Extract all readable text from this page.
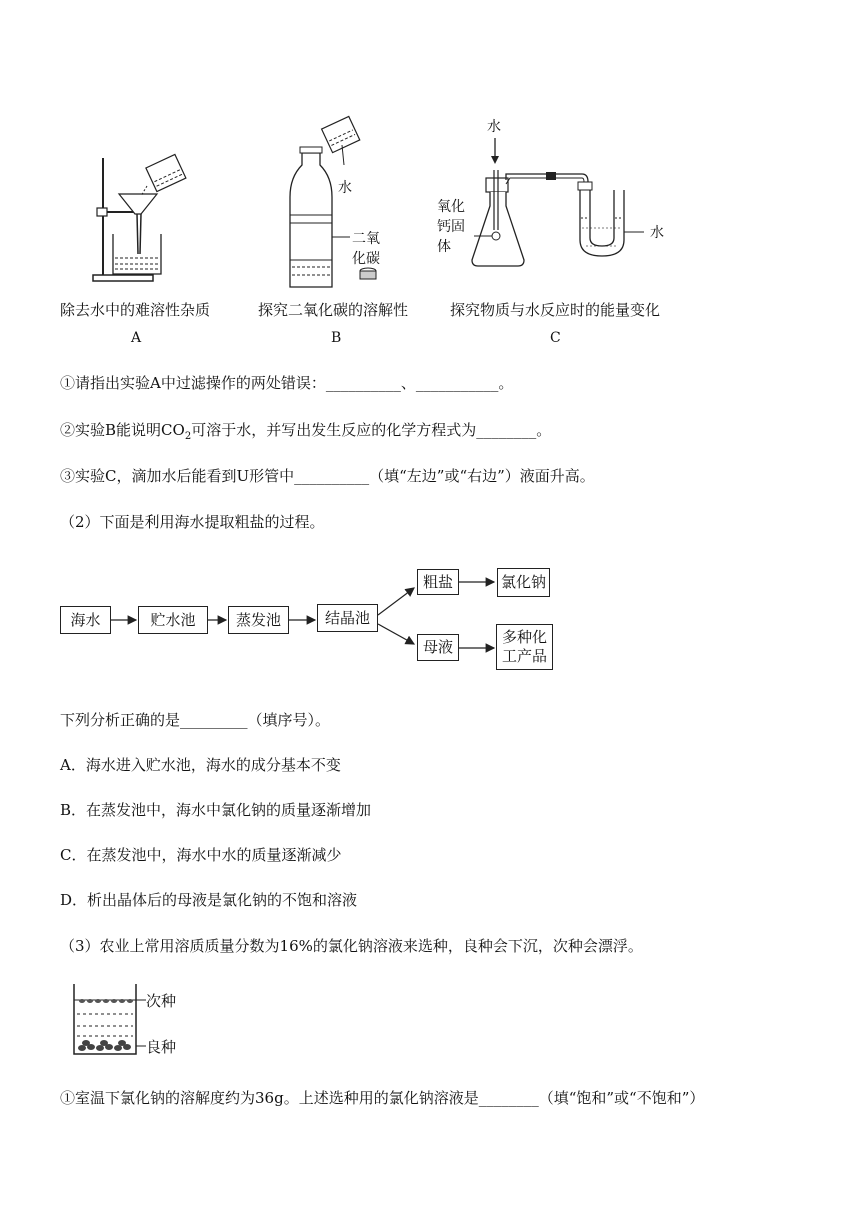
除去水中的难溶性杂质
A
水
二氧
化碳
探究二氧化碳的溶解性
B
水
氧化
钙固
体
水
探究物质与水反应时的能量变化
C
①请指出实验A中过滤操作的两处错误：__________、___________。
②实验B能说明$CO_2$可溶于水，并写出发生反应的化学方程式为________。
③实验C，滴加水后能看到U形管中__________（填“左边”或“右边”）液面升高。
（2）下面是利用海水提取粗盐的过程。
海水	贮水池	蒸发池	结晶池
粗盐	氯化钠
母液
多种化
工产品
下列分析正确的是_________（填序号）。
A．海水进入贮水池，海水的成分基本不变
B．在蒸发池中，海水中氯化钠的质量逐渐增加
C．在蒸发池中，海水中水的质量逐渐减少
D．析出晶体后的母液是氯化钠的不饱和溶液
（3）农业上常用溶质质量分数为16%的氯化钠溶液来选种，良种会下沉，次种会漂浮。
次种
良种
①室温下氯化钠的溶解度约为36g。上述选种用的氯化钠溶液是________（填“饱和”或“不饱和”）
